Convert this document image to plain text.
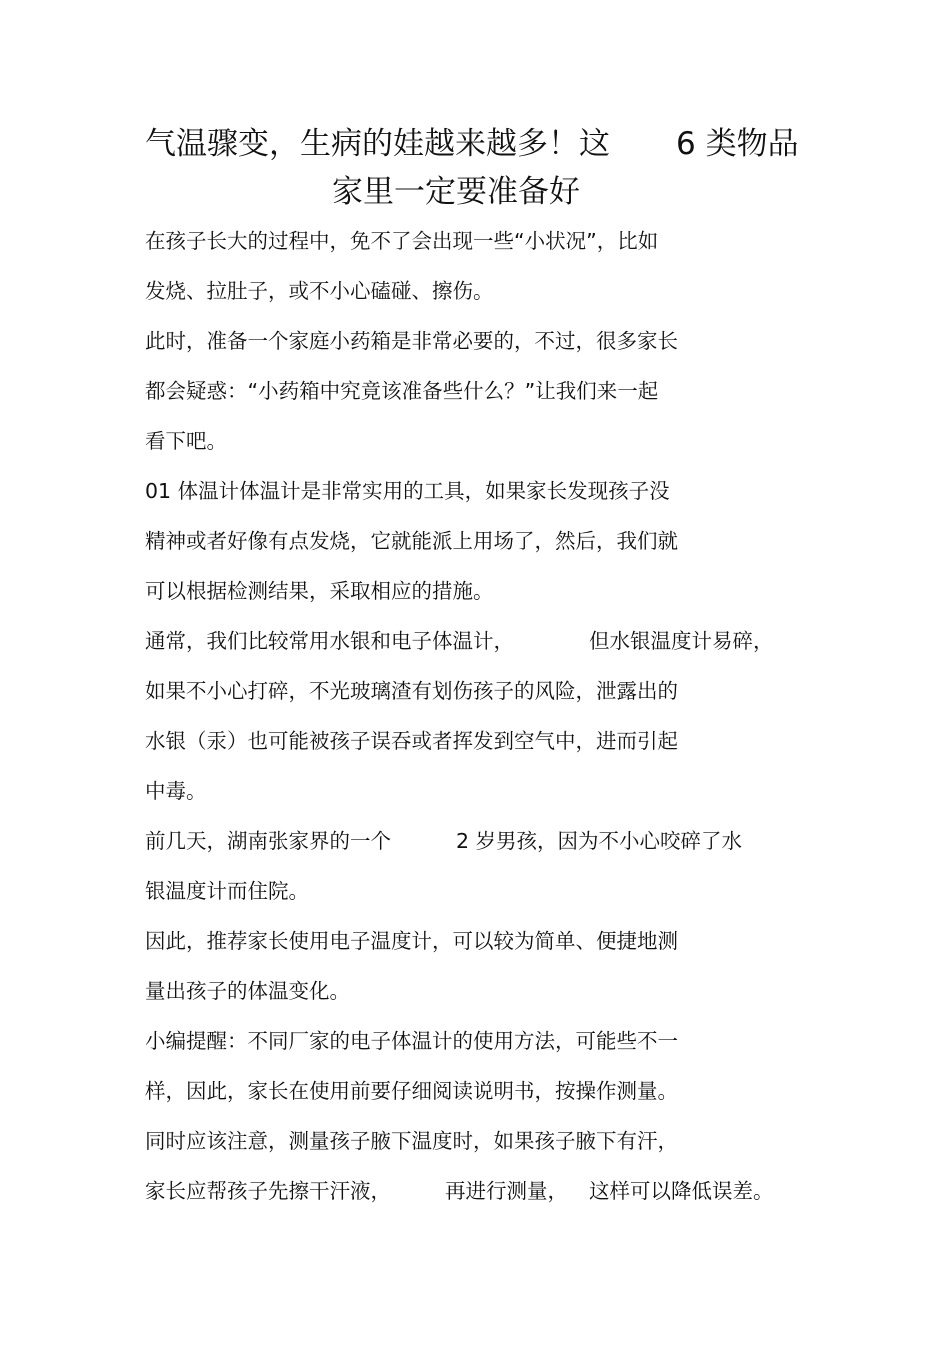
气温骤变，生病的娃越来越多！这 6 类物品
家里一定要准备好
在孩子长大的过程中，免不了会出现一些“小状况”，比如
发烧、拉肚子，或不小心磕碰、擦伤。
此时，准备一个家庭小药箱是非常必要的，不过，很多家长
都会疑惑：“小药箱中究竟该准备些什么？”让我们来一起
看下吧。
01 体温计体温计是非常实用的工具，如果家长发现孩子没
精神或者好像有点发烧，它就能派上用场了，然后，我们就
可以根据检测结果，采取相应的措施。
通常，我们比较常用水银和电子体温计，	但水银温度计易碎，
如果不小心打碎，不光玻璃渣有划伤孩子的风险，泄露出的
水银（汞）也可能被孩子误吞或者挥发到空气中，进而引起
中毒。
前几天，湖南张家界的一个	2 岁男孩，因为不小心咬碎了水
银温度计而住院。
因此，推荐家长使用电子温度计，可以较为简单、便捷地测
量出孩子的体温变化。
小编提醒：不同厂家的电子体温计的使用方法，可能些不一
样，因此，家长在使用前要仔细阅读说明书，按操作测量。
同时应该注意，测量孩子腋下温度时，如果孩子腋下有汗，
家长应帮孩子先擦干汗液，	再进行测量， 这样可以降低误差。
